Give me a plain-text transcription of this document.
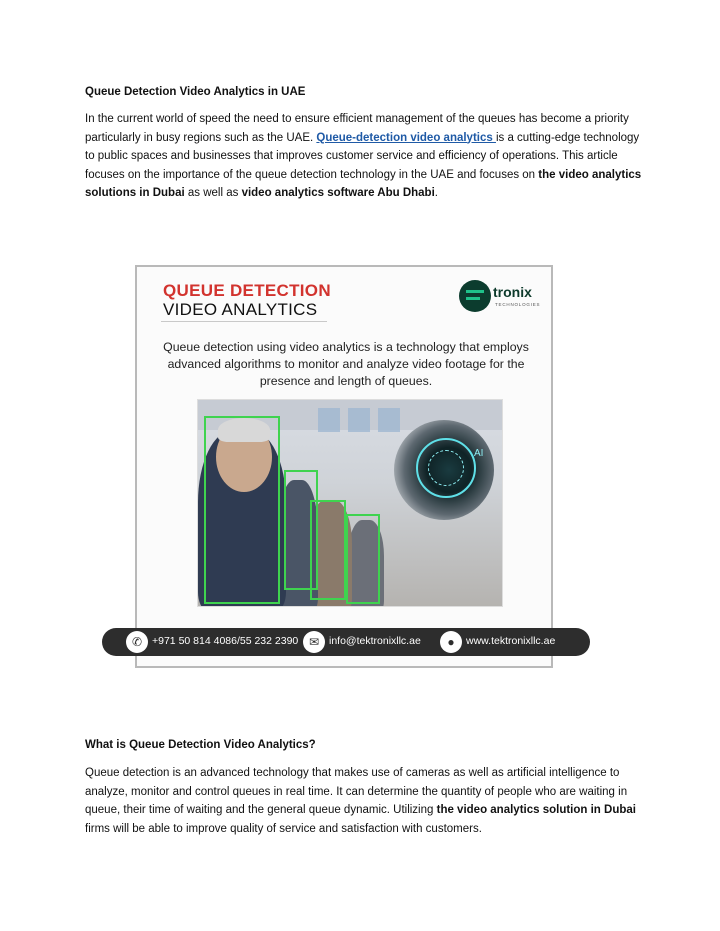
Queue Detection Video Analytics in UAE

In the current world of speed the need to ensure efficient management of the queues has become a priority particularly in busy regions such as the UAE. Queue-detection video analytics is a cutting-edge technology to public spaces and businesses that improves customer service and efficiency of operations. This article focuses on the importance of the queue detection technology in the UAE and focuses on the video analytics solutions in Dubai as well as video analytics software Abu Dhabi.

QUEUE DETECTION
VIDEO ANALYTICS
tronix
TECHNOLOGIES
Queue detection using video analytics is a technology that employs advanced algorithms to monitor and analyze video footage for the presence and length of queues.
AI
✆ +971 50 814 4086/55 232 2390 ✉ info@tektronixllc.ae	●	www.tektronixllc.ae
What is Queue Detection Video Analytics?

Queue detection is an advanced technology that makes use of cameras as well as artificial intelligence to analyze, monitor and control queues in real time. It can determine the quantity of people who are waiting in queue, their time of waiting and the general queue dynamic. Utilizing the video analytics solution in Dubai firms will be able to improve quality of service and satisfaction with customers.
